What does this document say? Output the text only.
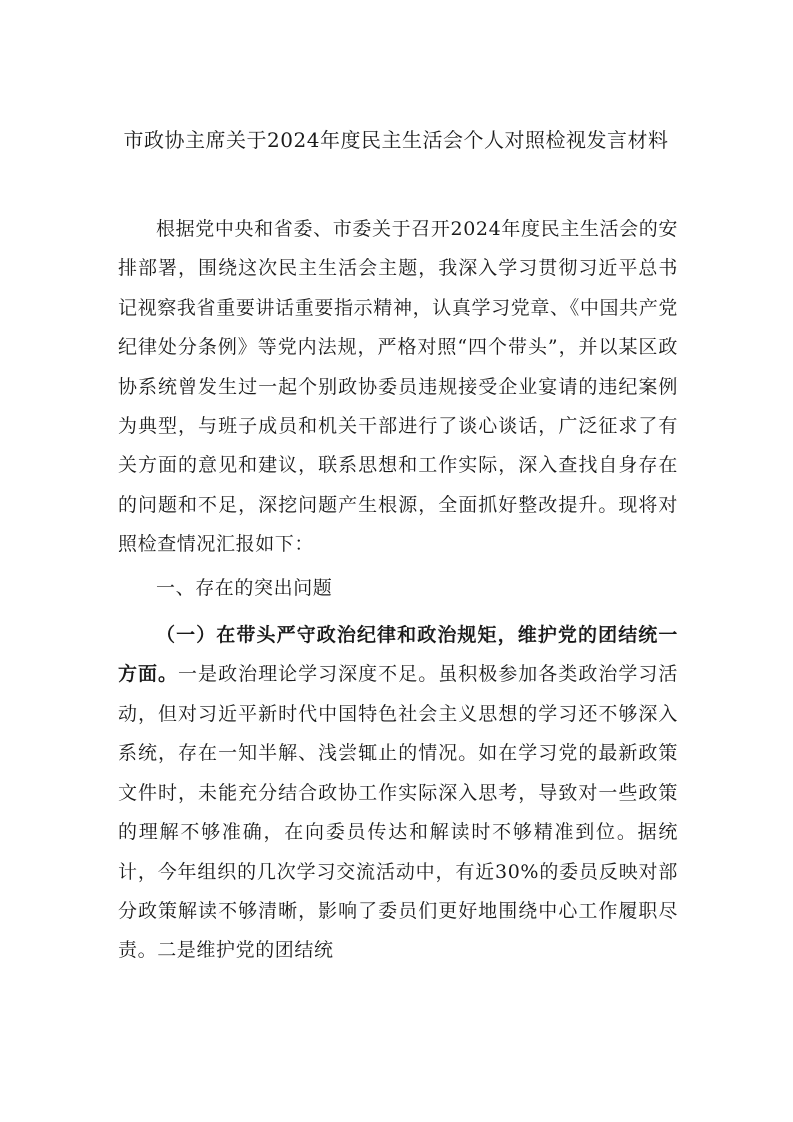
市政协主席关于2024年度民主生活会个人对照检视发言材料

根据党中央和省委、市委关于召开2024年度民主生活会的安排部署，围绕这次民主生活会主题，我深入学习贯彻习近平总书记视察我省重要讲话重要指示精神，认真学习党章、《中国共产党纪律处分条例》等党内法规，严格对照“四个带头”，并以某区政协系统曾发生过一起个别政协委员违规接受企业宴请的违纪案例为典型，与班子成员和机关干部进行了谈心谈话，广泛征求了有关方面的意见和建议，联系思想和工作实际，深入查找自身存在的问题和不足，深挖问题产生根源，全面抓好整改提升。现将对照检查情况汇报如下：

一、存在的突出问题

（一）在带头严守政治纪律和政治规矩，维护党的团结统一方面。一是政治理论学习深度不足。虽积极参加各类政治学习活动，但对习近平新时代中国特色社会主义思想的学习还不够深入系统，存在一知半解、浅尝辄止的情况。如在学习党的最新政策文件时，未能充分结合政协工作实际深入思考，导致对一些政策的理解不够准确，在向委员传达和解读时不够精准到位。据统计，今年组织的几次学习交流活动中，有近30%的委员反映对部分政策解读不够清晰，影响了委员们更好地围绕中心工作履职尽责。二是维护党的团结统
